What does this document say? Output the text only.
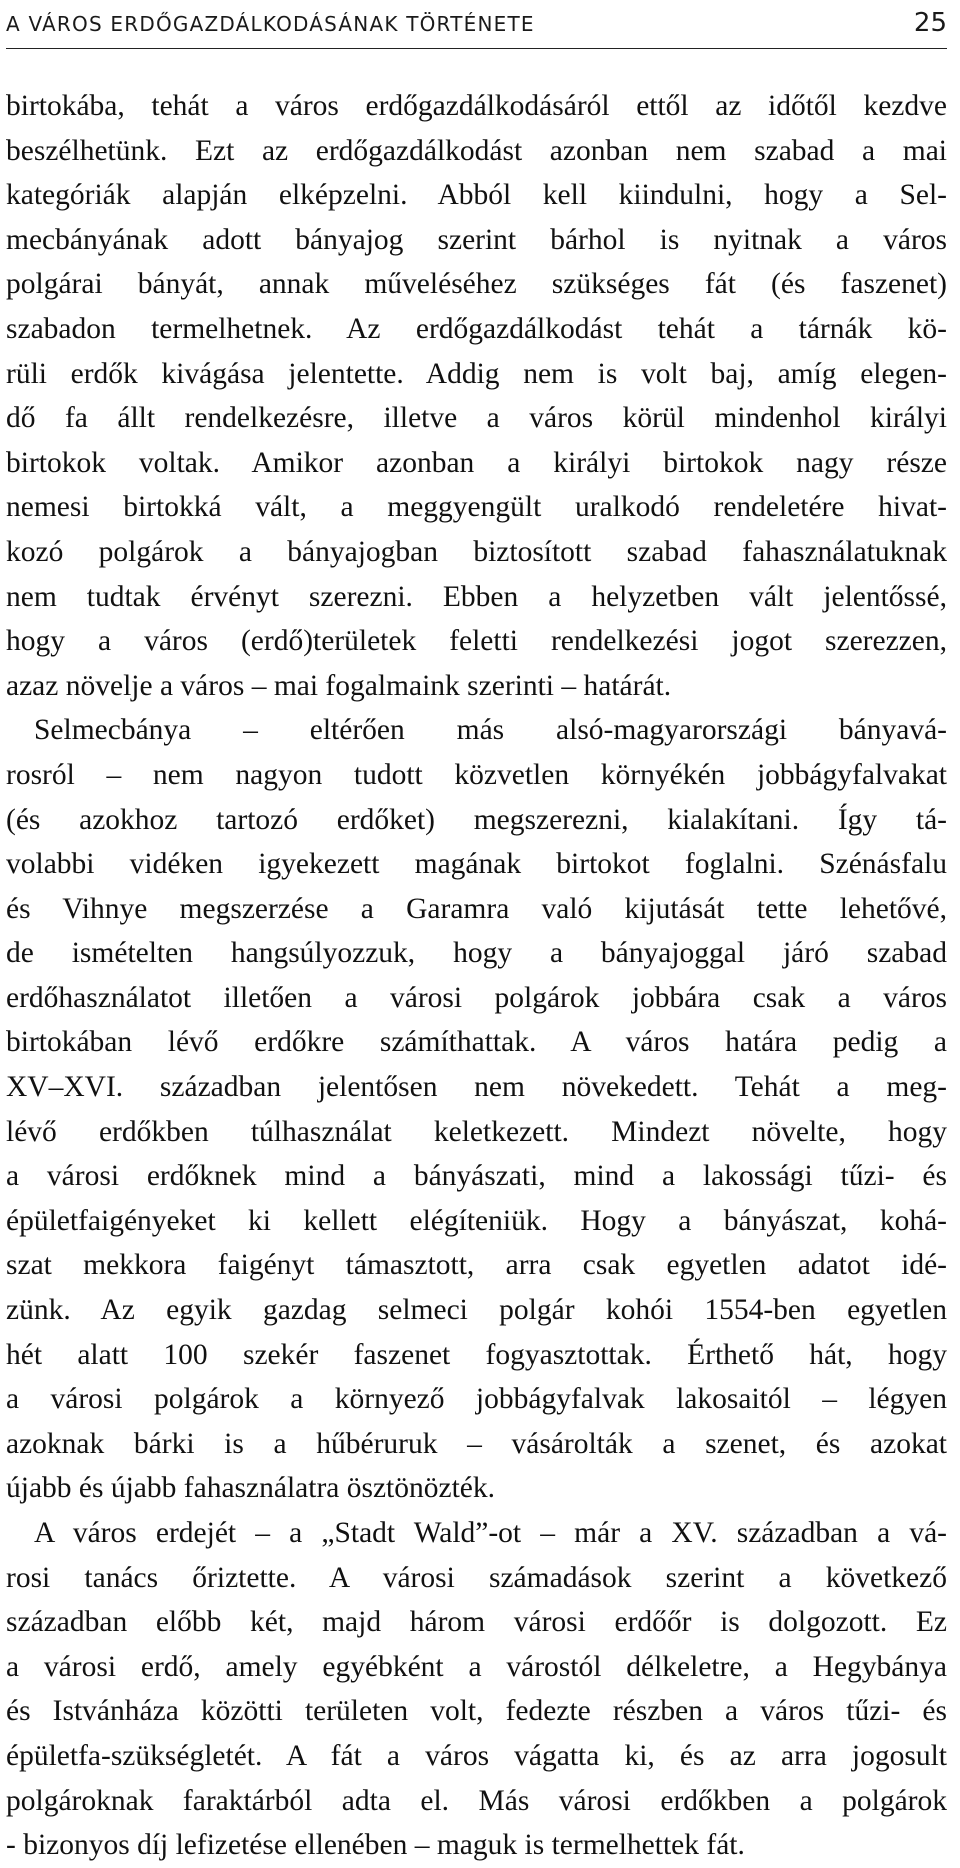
A VÁROS ERDŐGAZDÁLKODÁSÁNAK TÖRTÉNETE	25
birtokába, tehát a város erdőgazdálkodásáról ettől az időtől kezdve
beszélhetünk. Ezt az erdőgazdálkodást azonban nem szabad a mai
kategóriák alapján elképzelni. Abból kell kiindulni, hogy a Sel-
mecbányának adott bányajog szerint bárhol is nyitnak a város
polgárai bányát, annak műveléséhez szükséges fát (és faszenet)
szabadon termelhetnek. Az erdőgazdálkodást tehát a tárnák kö-
rüli erdők kivágása jelentette. Addig nem is volt baj, amíg elegen-
dő fa állt rendelkezésre, illetve a város körül mindenhol királyi
birtokok voltak. Amikor azonban a királyi birtokok nagy része
nemesi birtokká vált, a meggyengült uralkodó rendeletére hivat-
kozó polgárok a bányajogban biztosított szabad fahasználatuknak
nem tudtak érvényt szerezni. Ebben a helyzetben vált jelentőssé,
hogy a város (erdő)területek feletti rendelkezési jogot szerezzen,
azaz növelje a város – mai fogalmaink szerinti – határát.
Selmecbánya – eltérően más alsó-magyarországi bányavá-
rosról – nem nagyon tudott közvetlen környékén jobbágyfalvakat
(és azokhoz tartozó erdőket) megszerezni, kialakítani. Így tá-
volabbi vidéken igyekezett magának birtokot foglalni. Szénásfalu
és Vihnye megszerzése a Garamra való kijutását tette lehetővé,
de ismételten hangsúlyozzuk, hogy a bányajoggal járó szabad
erdőhasználatot illetően a városi polgárok jobbára csak a város
birtokában lévő erdőkre számíthattak. A város határa pedig a
XV–XVI. században jelentősen nem növekedett. Tehát a meg-
lévő erdőkben túlhasználat keletkezett. Mindezt növelte, hogy
a városi erdőknek mind a bányászati, mind a lakossági tűzi- és
épületfaigényeket ki kellett elégíteniük. Hogy a bányászat, kohá-
szat mekkora faigényt támasztott, arra csak egyetlen adatot idé-
zünk. Az egyik gazdag selmeci polgár kohói 1554-ben egyetlen
hét alatt 100 szekér faszenet fogyasztottak. Érthető hát, hogy
a városi polgárok a környező jobbágyfalvak lakosaitól – légyen
azoknak bárki is a hűbéruruk – vásárolták a szenet, és azokat
újabb és újabb fahasználatra ösztönözték.
A város erdejét – a „Stadt Wald”-ot – már a XV. században a vá-
rosi tanács őriztette. A városi számadások szerint a következő
században előbb két, majd három városi erdőőr is dolgozott. Ez
a városi erdő, amely egyébként a várostól délkeletre, a Hegybánya
és Istvánháza közötti területen volt, fedezte részben a város tűzi- és
épületfa-szükségletét. A fát a város vágatta ki, és az arra jogosult
polgároknak faraktárból adta el. Más városi erdőkben a polgárok
- bizonyos díj lefizetése ellenében – maguk is termelhettek fát.
